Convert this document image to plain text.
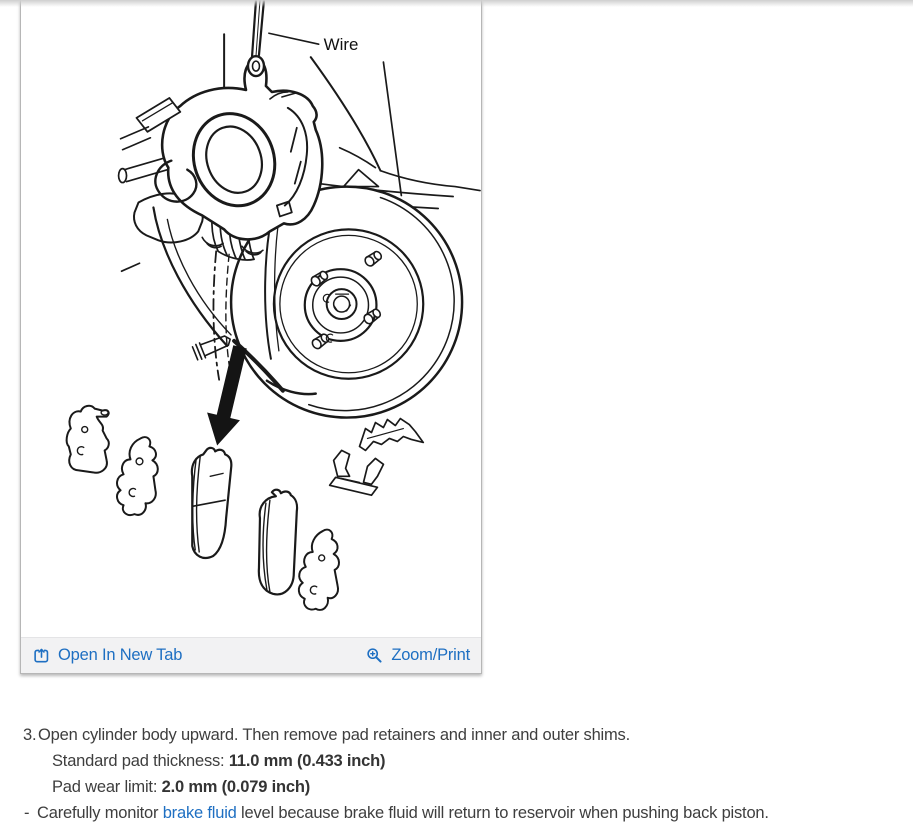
Wire
Open In New Tab	Zoom/Print
3. Open cylinder body upward. Then remove pad retainers and inner and outer shims.
Standard pad thickness: 11.0 mm (0.433 inch)
Pad wear limit: 2.0 mm (0.079 inch)
- Carefully monitor brake fluid level because brake fluid will return to reservoir when pushing back piston.
